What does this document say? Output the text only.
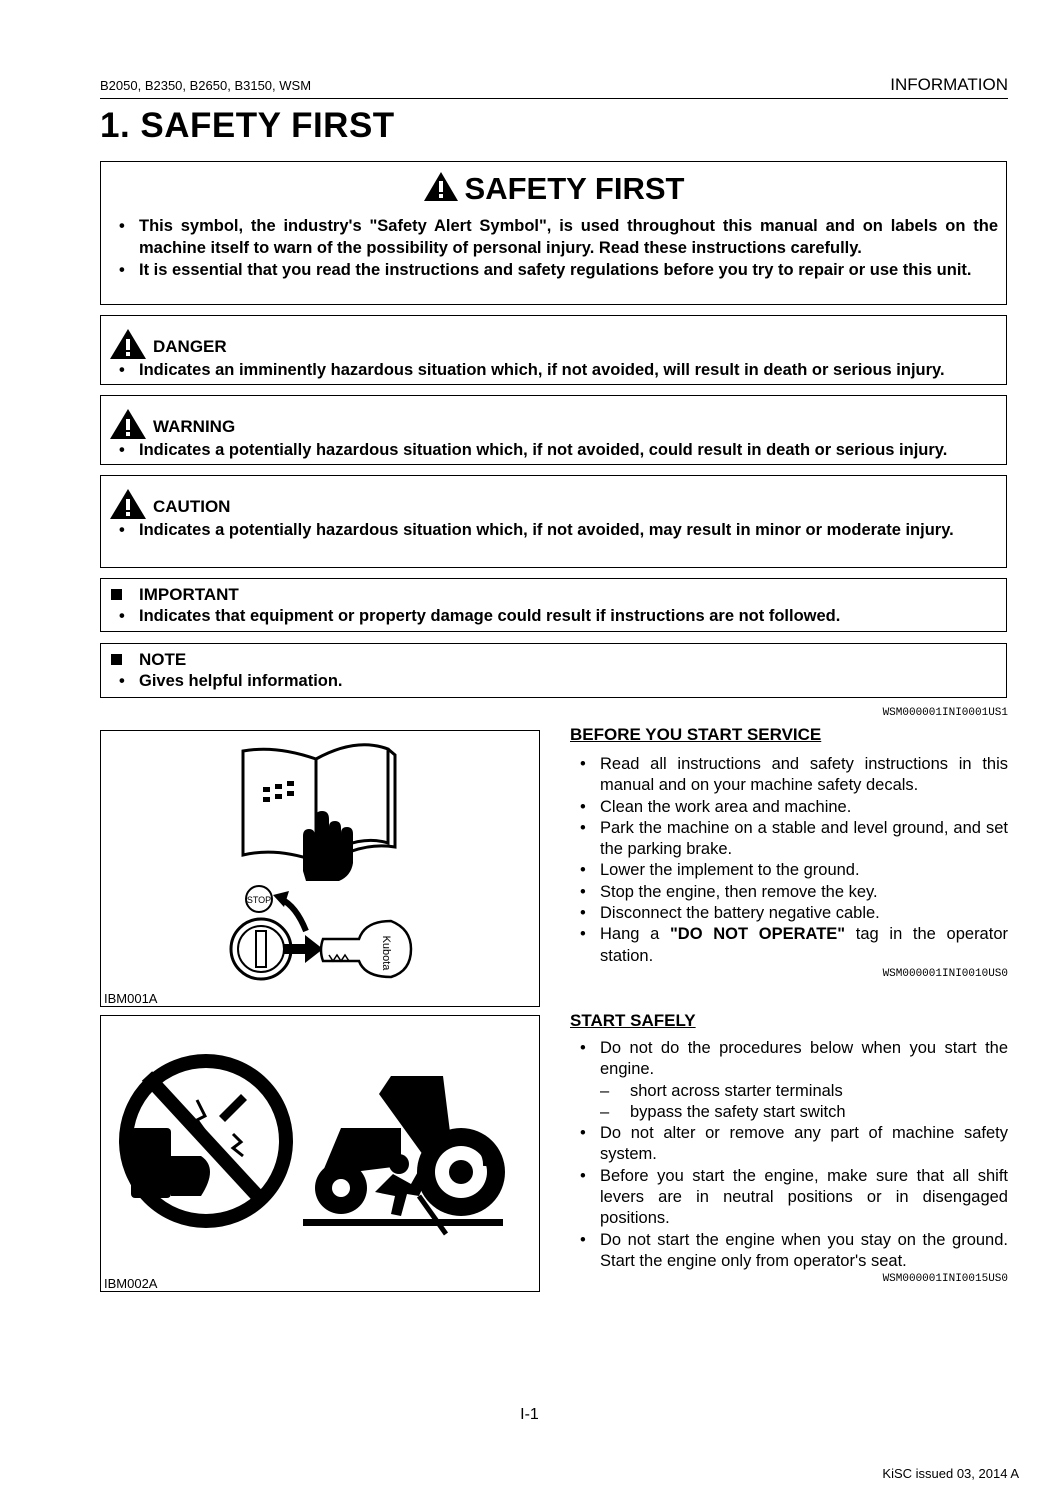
B2050, B2350, B2650, B3150, WSM	INFORMATION
1. SAFETY FIRST
SAFETY FIRST
• This symbol, the industry's "Safety Alert Symbol", is used throughout this manual and on labels on the machine itself to warn of the possibility of personal injury. Read these instructions carefully.
• It is essential that you read the instructions and safety regulations before you try to repair or use this unit.
DANGER
• Indicates an imminently hazardous situation which, if not avoided, will result in death or serious injury.
WARNING
• Indicates a potentially hazardous situation which, if not avoided, could result in death or serious injury.
CAUTION
• Indicates a potentially hazardous situation which, if not avoided, may result in minor or moderate injury.
IMPORTANT
• Indicates that equipment or property damage could result if instructions are not followed.
NOTE
• Gives helpful information.
WSM000001INI0001US1
STOP
Kubota
IBM001A
IBM002A
BEFORE YOU START SERVICE
• Read all instructions and safety instructions in this manual and on your machine safety decals.
• Clean the work area and machine.
• Park the machine on a stable and level ground, and set the parking brake.
• Lower the implement to the ground.
• Stop the engine, then remove the key.
• Disconnect the battery negative cable.
• Hang a "DO NOT OPERATE" tag in the operator station.
WSM000001INI0010US0
START SAFELY
• Do not do the procedures below when you start the engine.
– short across starter terminals
– bypass the safety start switch
• Do not alter or remove any part of machine safety system.
• Before you start the engine, make sure that all shift levers are in neutral positions or in disengaged positions.
• Do not start the engine when you stay on the ground. Start the engine only from operator's seat.
WSM000001INI0015US0
I-1
KiSC issued 03, 2014 A
